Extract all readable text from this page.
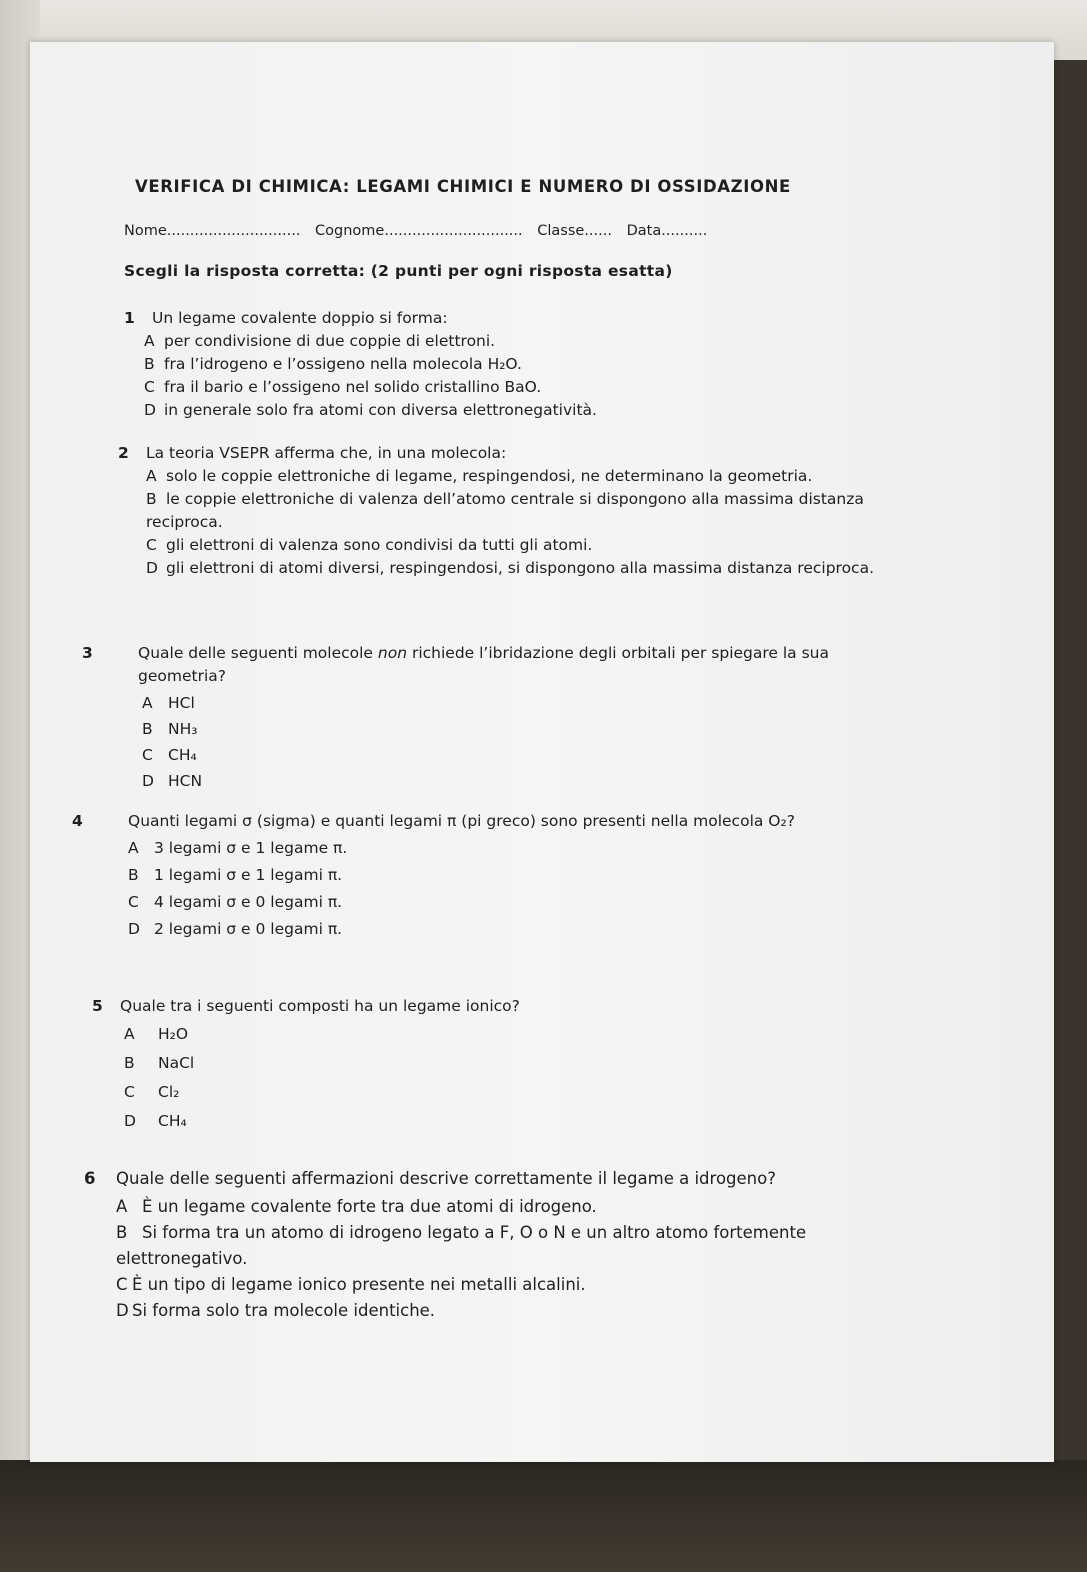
VERIFICA DI CHIMICA: LEGAMI CHIMICI E NUMERO DI OSSIDAZIONE
Nome............................. Cognome.............................. Classe...... Data..........
Scegli la risposta corretta: (2 punti per ogni risposta esatta)
1 Un legame covalente doppio si forma:
A per condivisione di due coppie di elettroni.
B fra l’idrogeno e l’ossigeno nella molecola H₂O.
C fra il bario e l’ossigeno nel solido cristallino BaO.
D in generale solo fra atomi con diversa elettronegatività.
2 La teoria VSEPR afferma che, in una molecola:
A solo le coppie elettroniche di legame, respingendosi, ne determinano la geometria.
B le coppie elettroniche di valenza dell’atomo centrale si dispongono alla massima distanza reciproca.
C gli elettroni di valenza sono condivisi da tutti gli atomi.
D gli elettroni di atomi diversi, respingendosi, si dispongono alla massima distanza reciproca.
3	Quale delle seguenti molecole non richiede l’ibridazione degli orbitali per spiegare la sua geometria?
A HCl
B NH₃
C CH₄
D HCN
4	Quanti legami σ (sigma) e quanti legami π (pi greco) sono presenti nella molecola O₂?
A 3 legami σ e 1 legame π.
B 1 legami σ e 1 legami π.
C 4 legami σ e 0 legami π.
D 2 legami σ e 0 legami π.
5 Quale tra i seguenti composti ha un legame ionico?
A H₂O
B NaCl
C Cl₂
D CH₄
6 Quale delle seguenti affermazioni descrive correttamente il legame a idrogeno?
A È un legame covalente forte tra due atomi di idrogeno.
B Si forma tra un atomo di idrogeno legato a F, O o N e un altro atomo fortemente elettronegativo.
C È un tipo di legame ionico presente nei metalli alcalini.
D Si forma solo tra molecole identiche.
